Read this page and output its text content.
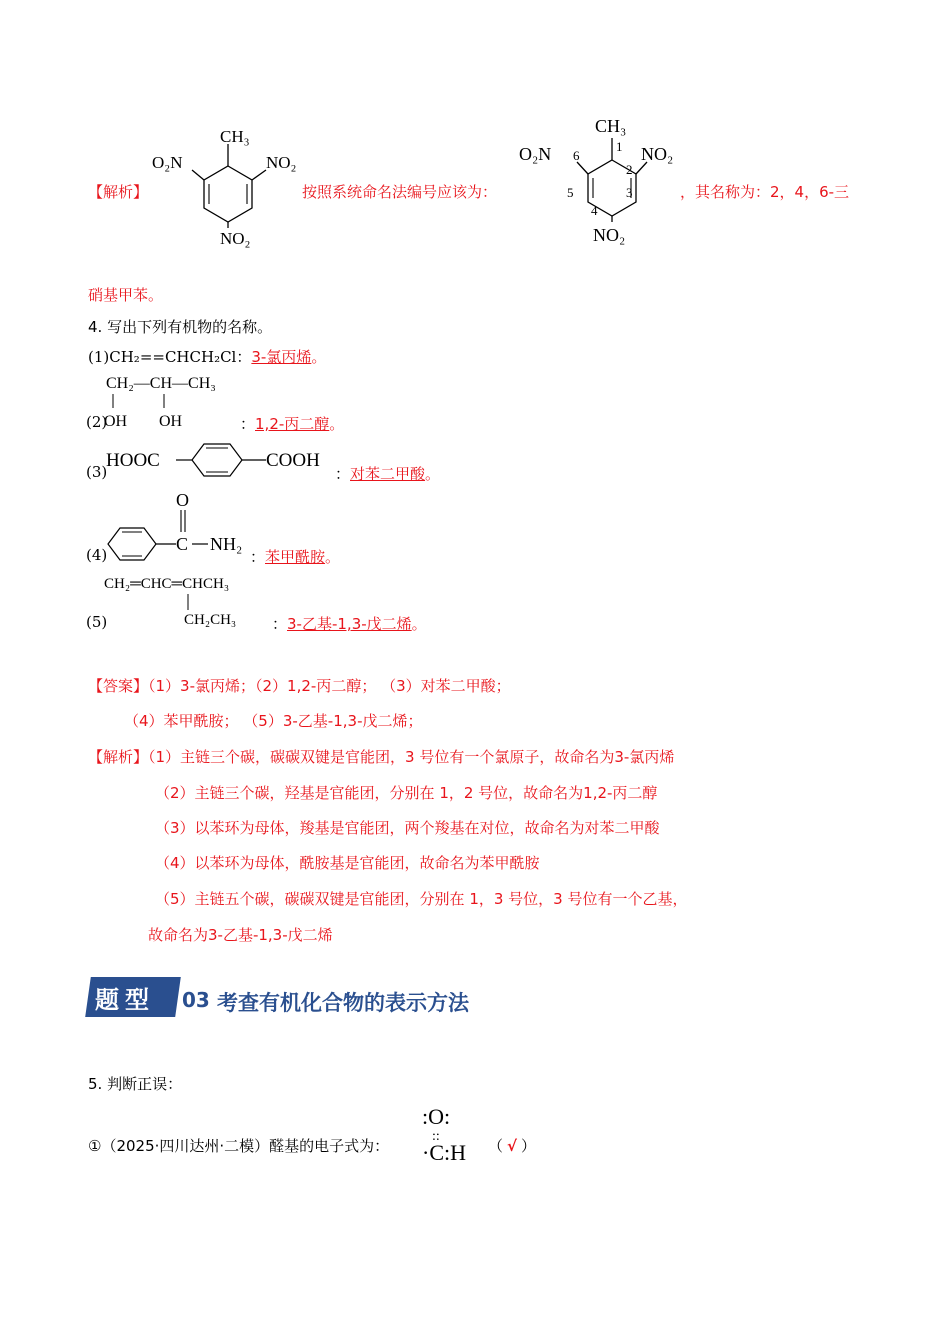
【解析】
CH₃
O₂N	NO₂
NO₂
按照系统命名法编号应该为：
CH₃
O₂N	NO₂
NO₂
1
2
3
4
5
6
，其名称为：2，4，6-三
硝基甲苯。
4. 写出下列有机物的名称。
(1)CH₂==CHCH₂Cl：3-氯丙烯。
CH₂—CH—CH₃
OH OH
(2)	：1,2-丙二醇。
(3)
HOOC	COOH
：对苯二甲酸。
(4)
C
O
NH₂
：苯甲酰胺。
CH₂═CHC═CHCH₃
CH₂CH₃
(5)	：3-乙基-1,3-戊二烯。
【答案】（1）3-氯丙烯；（2）1,2-丙二醇； （3）对苯二甲酸；
（4）苯甲酰胺； （5）3-乙基-1,3-戊二烯；
【解析】（1）主链三个碳，碳碳双键是官能团，3 号位有一个氯原子，故命名为3-氯丙烯
（2）主链三个碳，羟基是官能团，分别在 1，2 号位，故命名为1,2-丙二醇
（3）以苯环为母体，羧基是官能团，两个羧基在对位，故命名为对苯二甲酸
（4）以苯环为母体，酰胺基是官能团，故命名为苯甲酰胺
（5）主链五个碳，碳碳双键是官能团，分别在 1，3 号位，3 号位有一个乙基，
故命名为3-乙基-1,3-戊二烯
题型	03 考查有机化合物的表示方法
5. 判断正误：
①（2025·四川达州·二模）醛基的电子式为：
:O:
::
·C:H （ √ ）
